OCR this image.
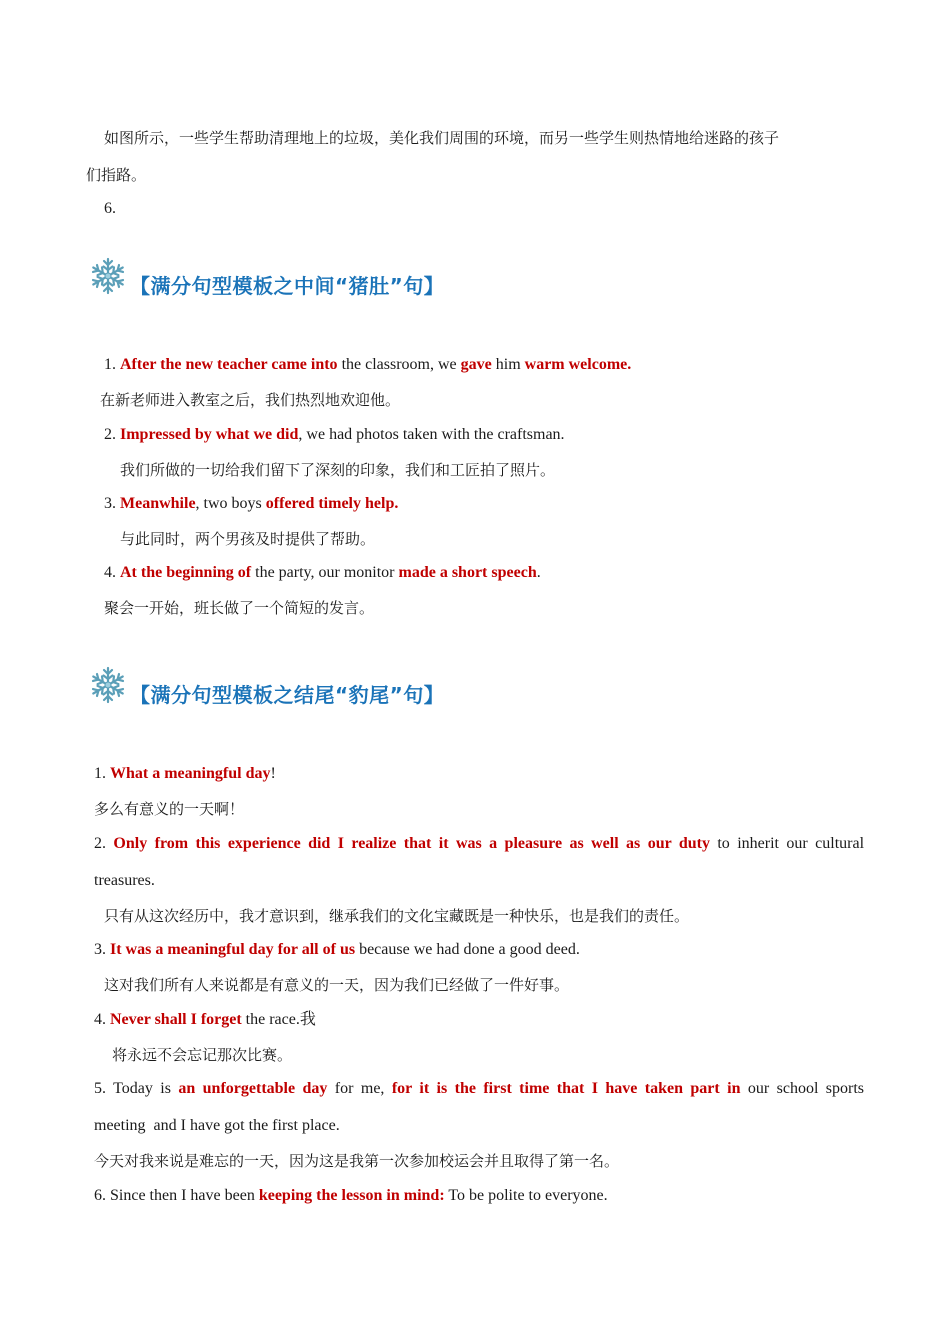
如图所示，一些学生帮助清理地上的垃圾，美化我们周围的环境，而另一些学生则热情地给迷路的孩子
们指路。
6.
【满分句型模板之中间“猪肚”句】
1. After the new teacher came into the classroom, we gave him warm welcome.
在新老师进入教室之后，我们热烈地欢迎他。
2. Impressed by what we did, we had photos taken with the craftsman.
我们所做的一切给我们留下了深刻的印象，我们和工匠拍了照片。
3. Meanwhile, two boys offered timely help.
与此同时，两个男孩及时提供了帮助。
4. At the beginning of the party, our monitor made a short speech.
聚会一开始，班长做了一个简短的发言。
【满分句型模板之结尾“豹尾”句】
1. What a meaningful day!
多么有意义的一天啊！
2. Only from this experience did I realize that it was a pleasure as well as our duty to inherit our cultural
treasures.
只有从这次经历中，我才意识到，继承我们的文化宝藏既是一种快乐，也是我们的责任。
3. It was a meaningful day for all of us because we had done a good deed.
这对我们所有人来说都是有意义的一天，因为我们已经做了一件好事。
4. Never shall I forget the race.我
将永远不会忘记那次比赛。
5. Today is an unforgettable day for me, for it is the first time that I have taken part in our school sports
meeting  and I have got the first place.
今天对我来说是难忘的一天，因为这是我第一次参加校运会并且取得了第一名。
6. Since then I have been keeping the lesson in mind: To be polite to everyone.
